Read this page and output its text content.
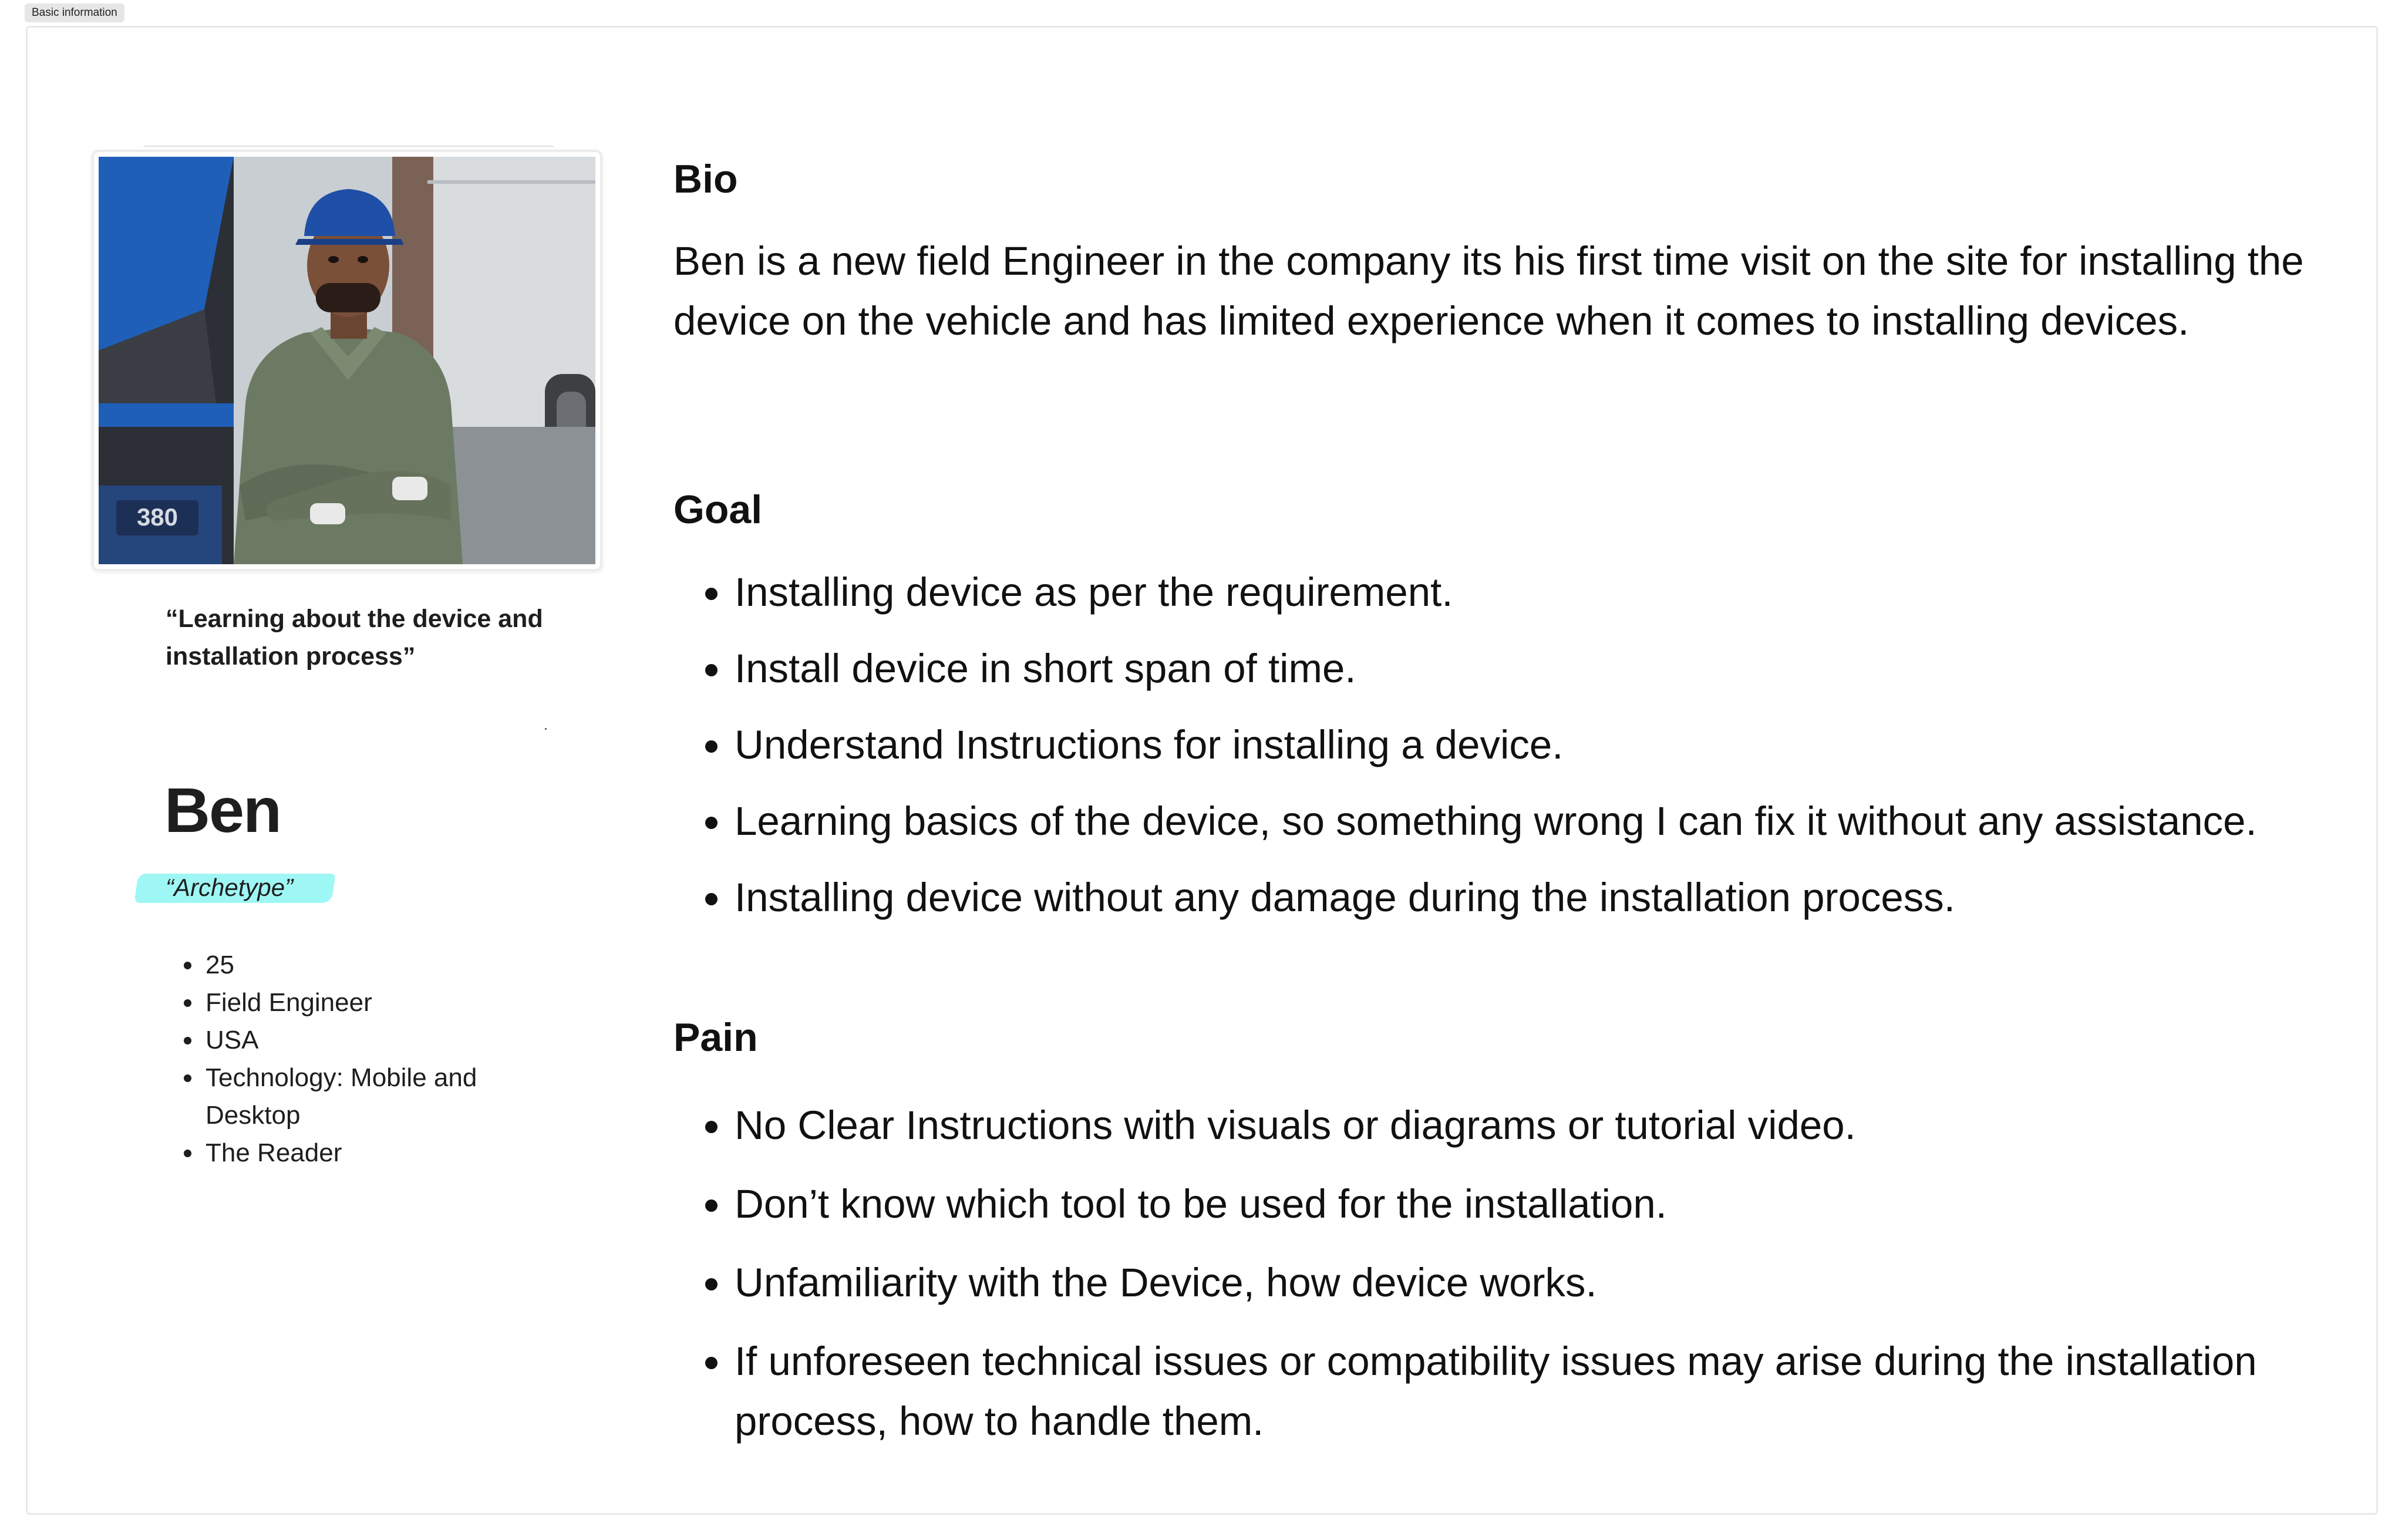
Basic information
380
“Learning about the device and installation process”
Ben
“Archetype”
• 25
• Field Engineer
• USA
• Technology: Mobile and Desktop
• The Reader
Bio
Ben is a new field Engineer in the company its his first time visit on the site for installing the device on the vehicle and has limited experience when it comes to installing devices.
Goal
• Installing device as per the requirement.
• Install device in short span of time.
• Understand Instructions for installing a device.
• Learning basics of the device, so something wrong I can fix it without any assistance.
• Installing device without any damage during the installation process.
Pain
• No Clear Instructions with visuals or diagrams or tutorial video.
• Don’t know which tool to be used for the installation.
• Unfamiliarity with the Device, how device works.
• If unforeseen technical issues or compatibility issues may arise during the installation process, how to handle them.
